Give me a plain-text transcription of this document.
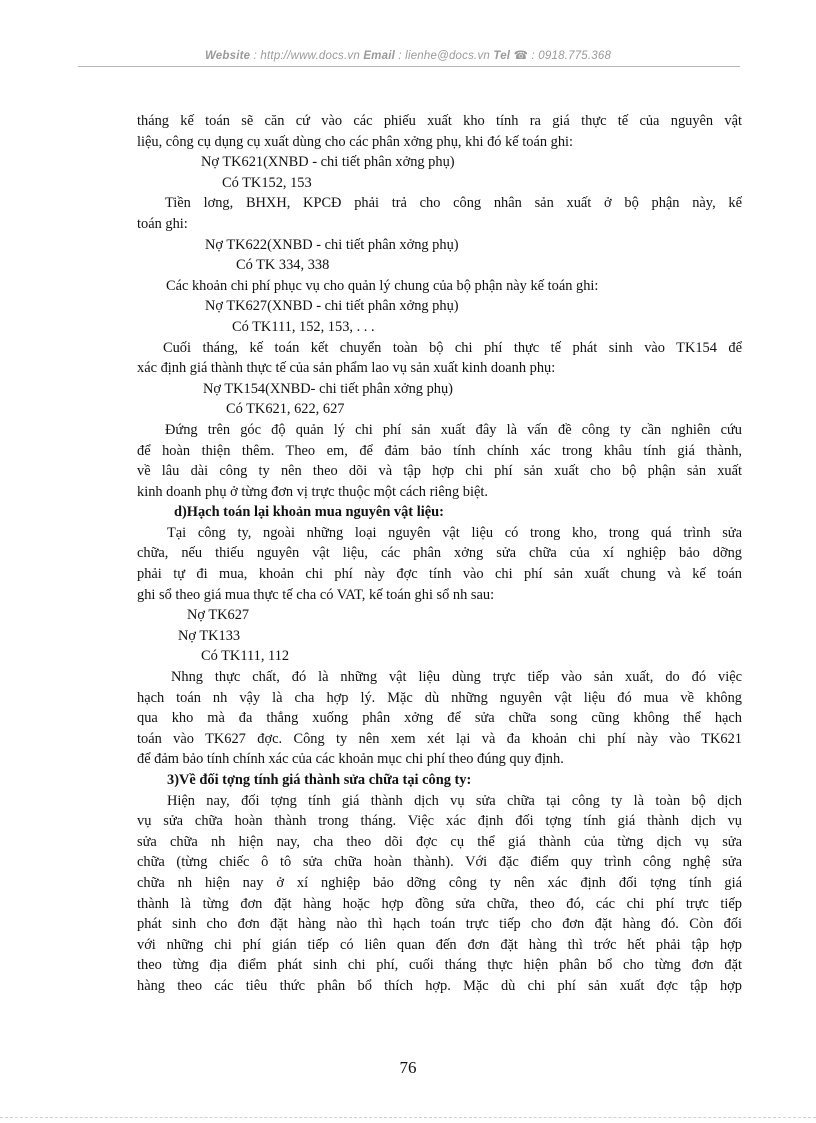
Website : http://www.docs.vn Email : lienhe@docs.vn Tel ☎ : 0918.775.368
tháng kế toán sẽ căn cứ vào các phiếu xuất kho tính ra giá thực tế của nguyên vật
liệu, công cụ dụng cụ xuất dùng cho các phân xởng phụ, khi đó kế toán ghi:
Nợ TK621(XNBD - chi tiết phân xởng phụ)
Có TK152, 153
Tiền lơng, BHXH, KPCĐ phải trả cho công nhân sản xuất ở bộ phận này, kế
toán ghi:
Nợ TK622(XNBD - chi tiết phân xởng phụ)
Có TK 334, 338
Các khoản chi phí phục vụ cho quản lý chung của bộ phận này kế toán ghi:
Nợ TK627(XNBD - chi tiết phân xởng phụ)
Có TK111, 152, 153, . . .
Cuối tháng, kế toán kết chuyển toàn bộ chi phí thực tế phát sinh vào TK154 để
xác định giá thành thực tế của sản phẩm lao vụ sản xuất kinh doanh phụ:
Nợ TK154(XNBD- chi tiết phân xởng phụ)
Có TK621, 622, 627
Đứng trên góc độ quản lý chi phí sản xuất đây là vấn đề công ty cần nghiên cứu
để hoàn thiện thêm. Theo em, để đảm bảo tính chính xác trong khâu tính giá thành,
về lâu dài công ty nên theo dõi và tập hợp chi phí sản xuất cho bộ phận sản xuất
kinh doanh phụ ở từng đơn vị trực thuộc một cách riêng biệt.
d)Hạch toán lại khoản mua nguyên vật liệu:
Tại công ty, ngoài những loại nguyên vật liệu có trong kho, trong quá trình sửa
chữa, nếu thiếu nguyên vật liệu, các phân xởng sửa chữa của xí nghiệp bảo dỡng
phải tự đi mua, khoản chi phí này đợc tính vào chi phí sản xuất chung và kế toán
ghi sổ theo giá mua thực tế cha có VAT, kế toán ghi sổ nh sau:
Nợ TK627
Nợ TK133
Có TK111, 112
Nhng thực chất, đó là những vật liệu dùng trực tiếp vào sản xuất, do đó việc
hạch toán nh vậy là cha hợp lý. Mặc dù những nguyên vật liệu đó mua về không
qua kho mà đa thẳng xuống phân xởng để sửa chữa song cũng không thể hạch
toán vào TK627 đợc. Công ty nên xem xét lại và đa khoản chi phí này vào TK621
để đảm bảo tính chính xác của các khoản mục chi phí theo đúng quy định.
3)Về đối tợng tính giá thành sửa chữa tại công ty:
Hiện nay, đối tợng tính giá thành dịch vụ sửa chữa tại công ty là toàn bộ dịch
vụ sửa chữa hoàn thành trong tháng. Việc xác định đối tợng tính giá thành dịch vụ
sửa chữa nh hiện nay, cha theo dõi đợc cụ thể giá thành của từng dịch vụ sửa
chữa (từng chiếc ô tô sửa chữa hoàn thành). Với đặc điểm quy trình công nghệ sửa
chữa nh hiện nay ở xí nghiệp bảo dỡng công ty nên xác định đối tợng tính giá
thành là từng đơn đặt hàng hoặc hợp đồng sửa chữa, theo đó, các chi phí trực tiếp
phát sinh cho đơn đặt hàng nào thì hạch toán trực tiếp cho đơn đặt hàng đó. Còn đối
với những chi phí gián tiếp có liên quan đến đơn đặt hàng thì trớc hết phải tập hợp
theo từng địa điểm phát sinh chi phí, cuối tháng thực hiện phân bổ cho từng đơn đặt
hàng theo các tiêu thức phân bổ thích hợp. Mặc dù chi phí sản xuất đợc tập hợp
76
